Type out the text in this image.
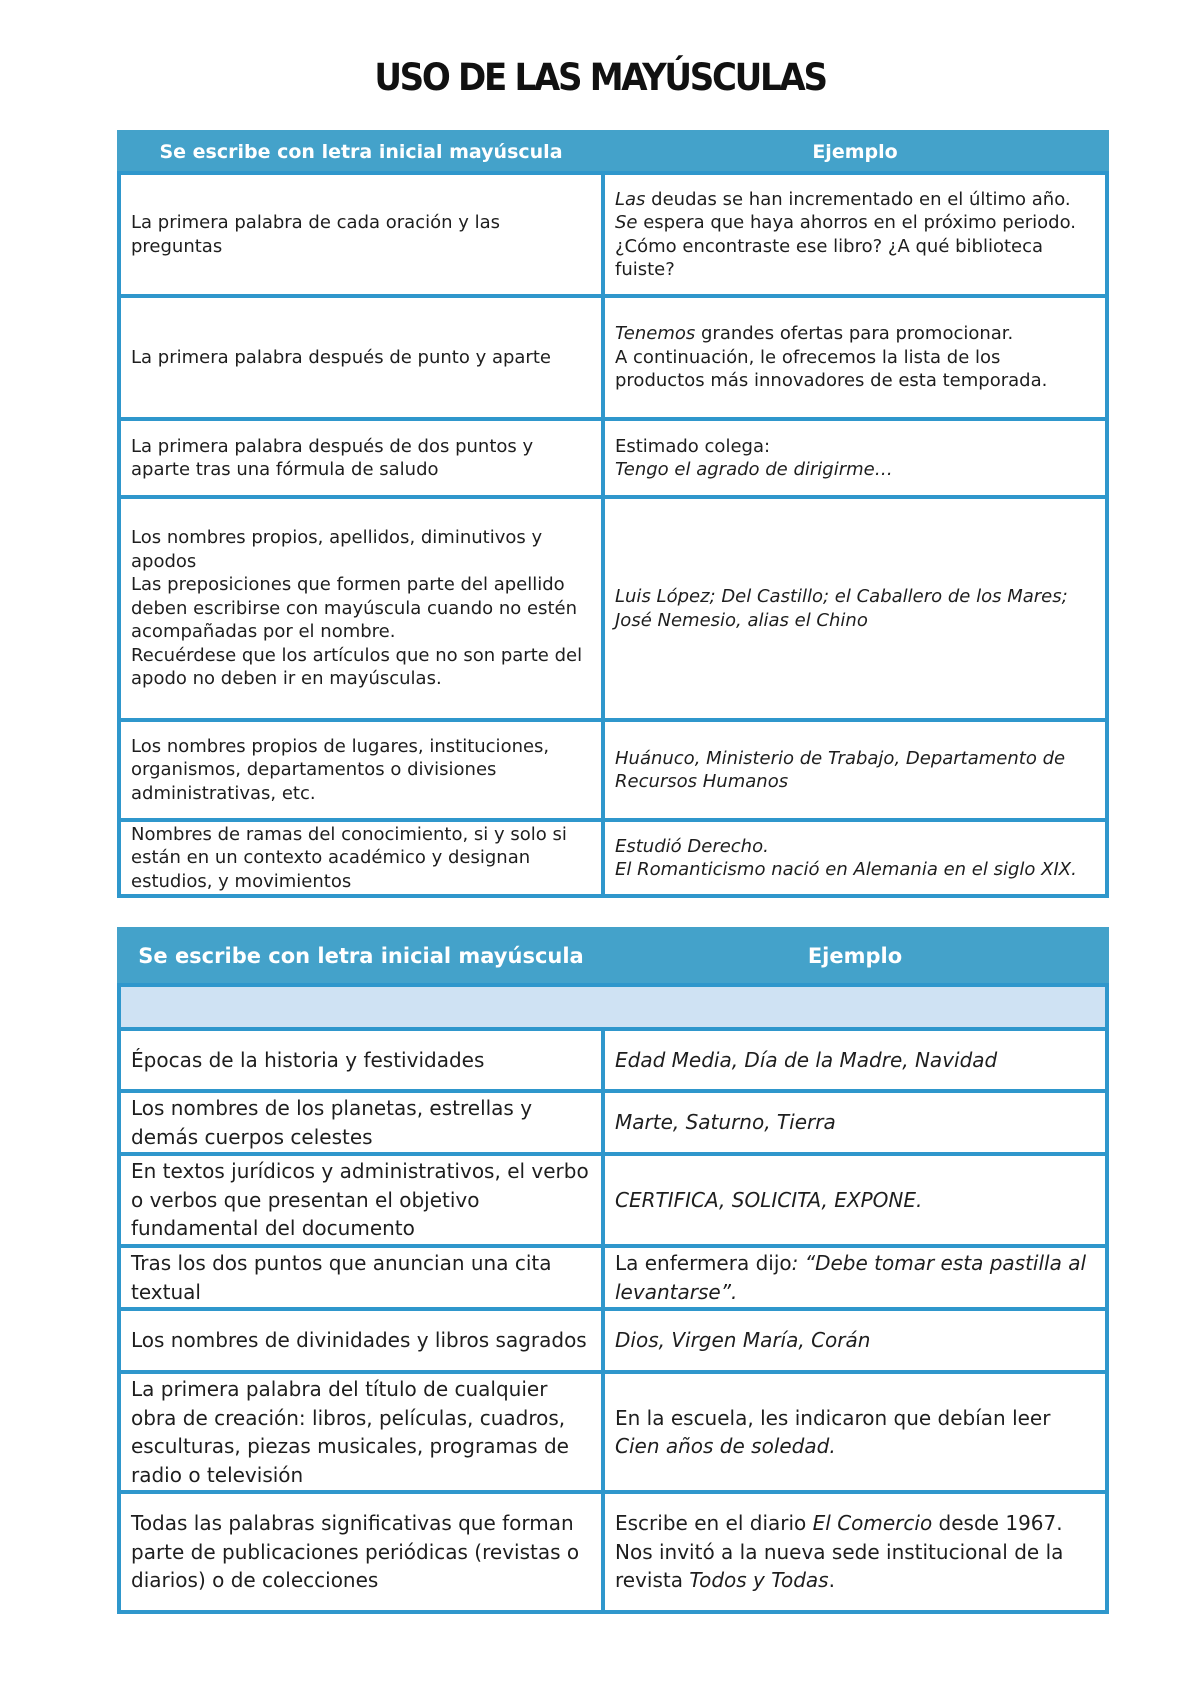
USO DE LAS MAYÚSCULAS
Se escribe con letra inicial mayúscula	Ejemplo

La primera palabra de cada oración y las preguntas	Las deudas se han incrementado en el último año. Se espera que haya ahorros en el próximo periodo.
¿Cómo encontraste ese libro? ¿A qué biblioteca fuiste?

La primera palabra después de punto y aparte	Tenemos grandes ofertas para promocionar.
A continuación, le ofrecemos la lista de los productos más innovadores de esta temporada.

La primera palabra después de dos puntos y aparte tras una fórmula de saludo	Estimado colega:
Tengo el agrado de dirigirme…

Los nombres propios, apellidos, diminutivos y apodos
Las preposiciones que formen parte del apellido deben escribirse con mayúscula cuando no estén acompañadas por el nombre.
Recuérdese que los artículos que no son parte del apodo no deben ir en mayúsculas.	Luis López; Del Castillo; el Caballero de los Mares; José Nemesio, alias el Chino

Los nombres propios de lugares, instituciones, organismos, departamentos o divisiones administrativas, etc.	Huánuco, Ministerio de Trabajo, Departamento de Recursos Humanos

Nombres de ramas del conocimiento, si y solo si están en un contexto académico y designan estudios, y movimientos	Estudió Derecho.
El Romanticismo nació en Alemania en el siglo XIX.
Se escribe con letra inicial mayúscula	Ejemplo

Épocas de la historia y festividades	Edad Media, Día de la Madre, Navidad

Los nombres de los planetas, estrellas y demás cuerpos celestes	Marte, Saturno, Tierra

En textos jurídicos y administrativos, el verbo o verbos que presentan el objetivo fundamental del documento	CERTIFICA, SOLICITA, EXPONE.

Tras los dos puntos que anuncian una cita textual	La enfermera dijo: “Debe tomar esta pastilla al levantarse”.

Los nombres de divinidades y libros sagrados	Dios, Virgen María, Corán

La primera palabra del título de cualquier obra de creación: libros, películas, cuadros, esculturas, piezas musicales, programas de radio o televisión	En la escuela, les indicaron que debían leer Cien años de soledad.

Todas las palabras significativas que forman parte de publicaciones periódicas (revistas o diarios) o de colecciones	Escribe en el diario El Comercio desde 1967.
Nos invitó a la nueva sede institucional de la revista Todos y Todas.
